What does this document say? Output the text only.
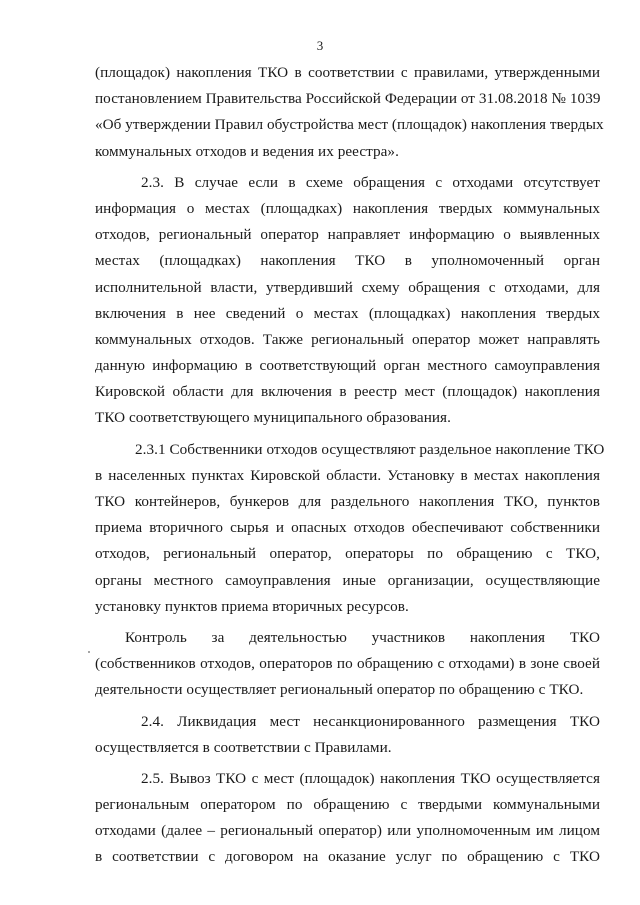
3
(площадок) накопления ТКО в соответствии с правилами, утвержденными
постановлением Правительства Российской Федерации от 31.08.2018 № 1039
«Об утверждении Правил обустройства мест (площадок) накопления твердых
коммунальных отходов и ведения их реестра».
2.3. В случае если в схеме обращения с отходами отсутствует
информация о местах (площадках) накопления твердых коммунальных
отходов, региональный оператор направляет информацию о выявленных
местах (площадках) накопления ТКО в уполномоченный орган
исполнительной власти, утвердивший схему обращения с отходами, для
включения в нее сведений о местах (площадках) накопления твердых
коммунальных отходов. Также региональный оператор может направлять
данную информацию в соответствующий орган местного самоуправления
Кировской области для включения в реестр мест (площадок) накопления
ТКО соответствующего муниципального образования.
2.3.1 Собственники отходов осуществляют раздельное накопление ТКО
в населенных пунктах Кировской области. Установку в местах накопления
ТКО контейнеров, бункеров для раздельного накопления ТКО, пунктов
приема вторичного сырья и опасных отходов обеспечивают собственники
отходов, региональный оператор, операторы по обращению с ТКО,
органы местного самоуправления иные организации, осуществляющие
установку пунктов приема вторичных ресурсов.
Контроль за деятельностью участников накопления ТКО
(собственников отходов, операторов по обращению с отходами) в зоне своей
деятельности осуществляет региональный оператор по обращению с ТКО.
2.4. Ликвидация мест несанкционированного размещения ТКО
осуществляется в соответствии с Правилами.
2.5. Вывоз ТКО с мест (площадок) накопления ТКО осуществляется
региональным оператором по обращению с твердыми коммунальными
отходами (далее – региональный оператор) или уполномоченным им лицом
в соответствии с договором на оказание услуг по обращению с ТКО
